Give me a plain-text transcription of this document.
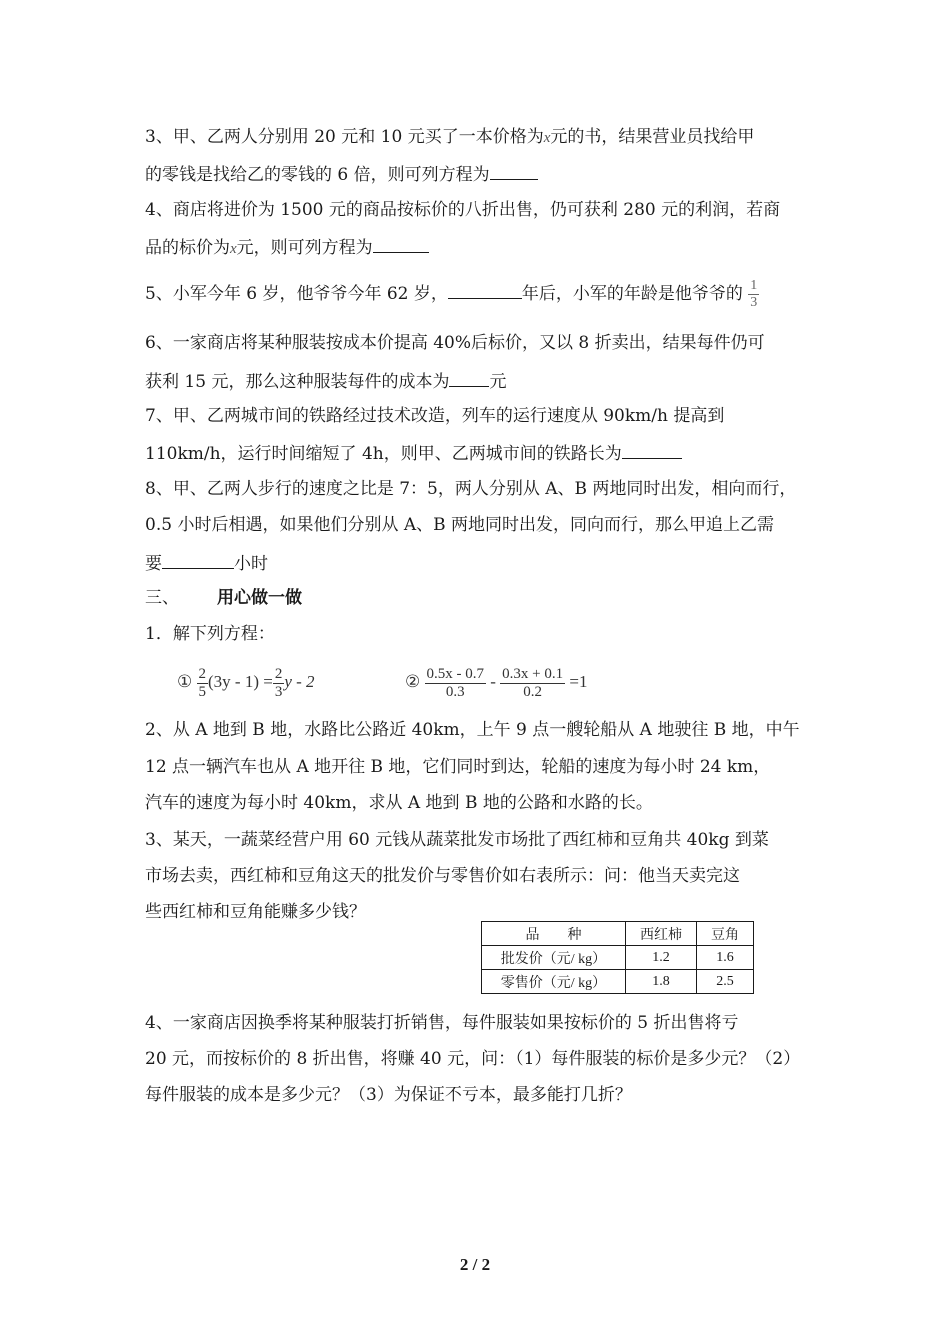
3、甲、乙两人分别用 20 元和 10 元买了一本价格为x元的书，结果营业员找给甲
的零钱是找给乙的零钱的 6 倍，则可列方程为
4、商店将进价为 1500 元的商品按标价的八折出售，仍可获利 280 元的利润，若商
品的标价为x元，则可列方程为
5、小军今年 6 岁，他爷爷今年 62 岁，	年后，小军的年龄是他爷爷的 $\frac{1}{3}$
6、一家商店将某种服装按成本价提高 40%后标价，又以 8 折卖出，结果每件仍可
获利 15 元，那么这种服装每件的成本为 元
7、甲、乙两城市间的铁路经过技术改造，列车的运行速度从 90km/h 提高到
110km/h，运行时间缩短了 4h，则甲、乙两城市间的铁路长为
8、甲、乙两人步行的速度之比是 7：5，两人分别从 A、B 两地同时出发，相向而行，
0.5 小时后相遇，如果他们分别从 A、B 两地同时出发，同向而行，那么甲追上乙需
要	小时
三、 用心做一做
1．解下列方程：
① $\frac{2}{5} (3y - 1) = \frac{2}{3}$ y - 2	② $\frac{0.5x - 0.7}{0.3} - \frac{0.3x + 0.1}{0.2} =1$
2、从 A 地到 B 地，水路比公路近 40km，上午 9 点一艘轮船从 A 地驶往 B 地，中午
12 点一辆汽车也从 A 地开往 B 地，它们同时到达，轮船的速度为每小时 24 km，
汽车的速度为每小时 40km，求从 A 地到 B 地的公路和水路的长。
3、某天，一蔬菜经营户用 60 元钱从蔬菜批发市场批了西红柿和豆角共 40kg 到菜
市场去卖，西红柿和豆角这天的批发价与零售价如右表所示：问：他当天卖完这
些西红柿和豆角能赚多少钱？
品　　种	西红柿	豆角
批发价（元/ kg）	1.2	1.6
零售价（元/ kg）	1.8	2.5
4、一家商店因换季将某种服装打折销售，每件服装如果按标价的 5 折出售将亏
20 元，而按标价的 8 折出售，将赚 40 元，问：（1）每件服装的标价是多少元？（2）
每件服装的成本是多少元？（3）为保证不亏本，最多能打几折？
2 / 2
